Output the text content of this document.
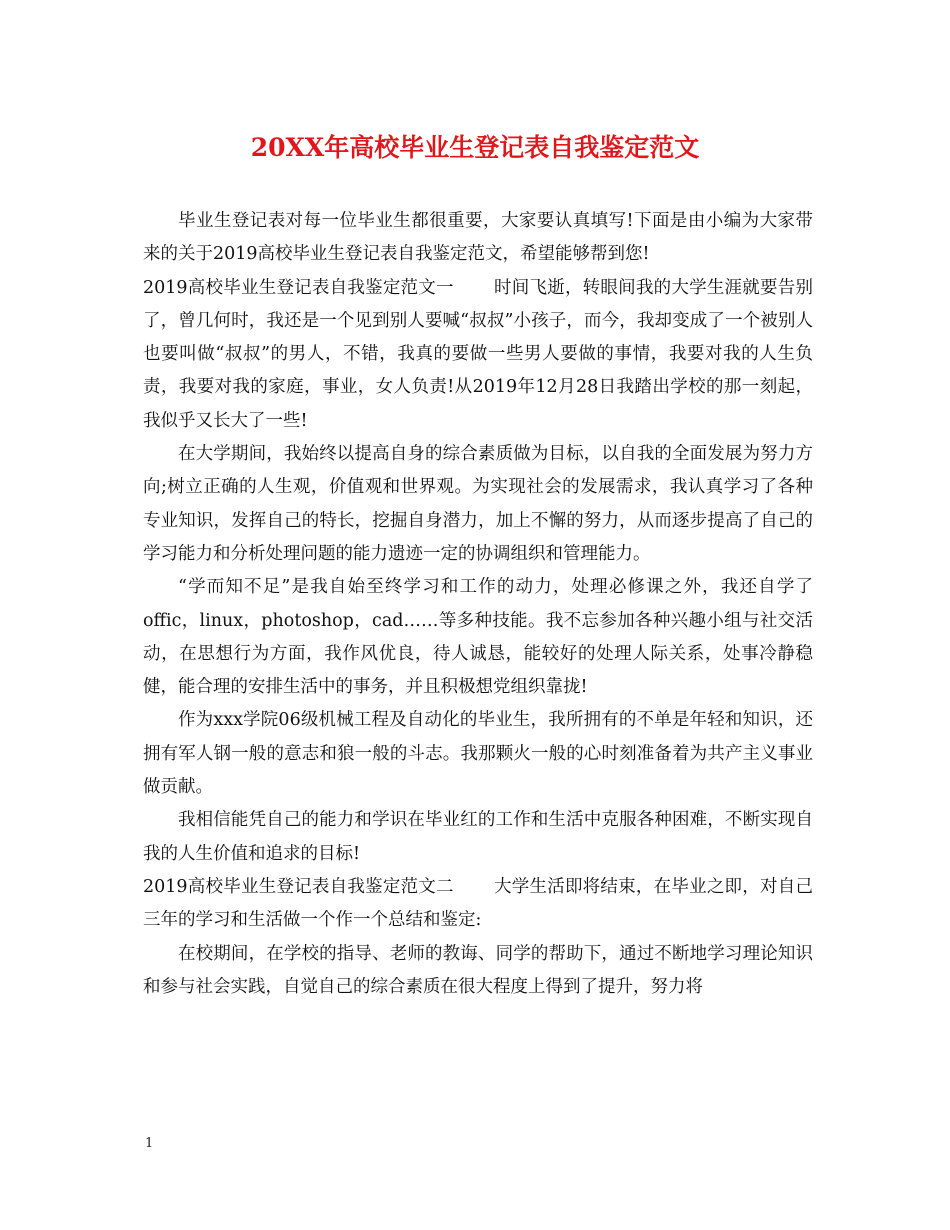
20XX年高校毕业生登记表自我鉴定范文

毕业生登记表对每一位毕业生都很重要，大家要认真填写!下面是由小编为大家带来的关于2019高校毕业生登记表自我鉴定范文，希望能够帮到您!

2019高校毕业生登记表自我鉴定范文一 时间飞逝，转眼间我的大学生涯就要告别了，曾几何时，我还是一个见到别人要喊“叔叔”小孩子，而今，我却变成了一个被别人也要叫做“叔叔”的男人，不错，我真的要做一些男人要做的事情，我要对我的人生负责，我要对我的家庭，事业，女人负责!从2019年12月28日我踏出学校的那一刻起，我似乎又长大了一些!

在大学期间，我始终以提高自身的综合素质做为目标，以自我的全面发展为努力方向;树立正确的人生观，价值观和世界观。为实现社会的发展需求，我认真学习了各种专业知识，发挥自己的特长，挖掘自身潜力，加上不懈的努力，从而逐步提高了自己的学习能力和分析处理问题的能力遗迹一定的协调组织和管理能力。

“学而知不足”是我自始至终学习和工作的动力，处理必修课之外，我还自学了offic，linux，photoshop，cad……等多种技能。我不忘参加各种兴趣小组与社交活动，在思想行为方面，我作风优良，待人诚恳，能较好的处理人际关系，处事冷静稳健，能合理的安排生活中的事务，并且积极想党组织靠拢!

作为xxx学院06级机械工程及自动化的毕业生，我所拥有的不单是年轻和知识，还拥有军人钢一般的意志和狼一般的斗志。我那颗火一般的心时刻准备着为共产主义事业做贡献。

我相信能凭自己的能力和学识在毕业红的工作和生活中克服各种困难，不断实现自我的人生价值和追求的目标!

2019高校毕业生登记表自我鉴定范文二 大学生活即将结束，在毕业之即，对自己三年的学习和生活做一个作一个总结和鉴定:

在校期间，在学校的指导、老师的教诲、同学的帮助下，通过不断地学习理论知识和参与社会实践，自觉自己的综合素质在很大程度上得到了提升，努力将

1
